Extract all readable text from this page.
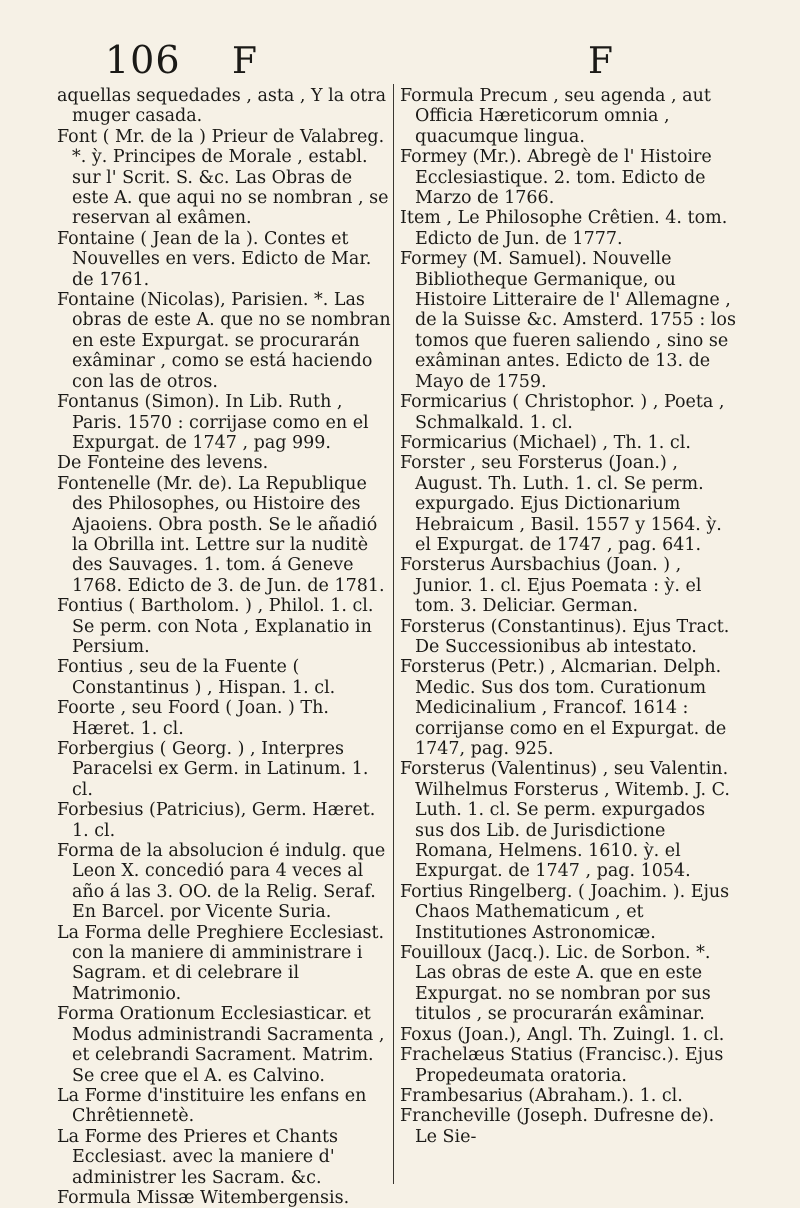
106 F	F

aquellas sequedades , asta , Y la otra muger casada.

Font ( Mr. de la ) Prieur de Valabreg. *. ỳ. Principes de Morale , establ. sur l' Scrit. S. &c. Las Obras de este A. que aqui no se nombran , se reservan al exâmen.

Fontaine ( Jean de la ). Contes et Nouvelles en vers. Edicto de Mar. de 1761.

Fontaine (Nicolas), Parisien. *. Las obras de este A. que no se nombran en este Expurgat. se procurarán exâminar , como se está haciendo con las de otros.

Fontanus (Simon). In Lib. Ruth , Paris. 1570 : corrijase como en el Expurgat. de 1747 , pag 999.

De Fonteine des levens.

Fontenelle (Mr. de). La Republique des Philosophes, ou Histoire des Ajaoiens. Obra posth. Se le añadió la Obrilla int. Lettre sur la nuditè des Sauvages. 1. tom. á Geneve 1768. Edicto de 3. de Jun. de 1781.

Fontius ( Bartholom. ) , Philol. 1. cl. Se perm. con Nota , Explanatio in Persium.

Fontius , seu de la Fuente ( Constantinus ) , Hispan. 1. cl.

Foorte , seu Foord ( Joan. ) Th. Hæret. 1. cl.

Forbergius ( Georg. ) , Interpres Paracelsi ex Germ. in Latinum. 1. cl.

Forbesius (Patricius), Germ. Hæret. 1. cl.

Forma de la absolucion é indulg. que Leon X. concedió para 4 veces al año á las 3. OO. de la Relig. Seraf. En Barcel. por Vicente Suria.

La Forma delle Preghiere Ecclesiast. con la maniere di amministrare i Sagram. et di celebrare il Matrimonio.

Forma Orationum Ecclesiasticar. et Modus administrandi Sacramenta , et celebrandi Sacrament. Matrim. Se cree que el A. es Calvino.

La Forme d'instituire les enfans en Chrêtiennetè.

La Forme des Prieres et Chants Ecclesiast. avec la maniere d' administrer les Sacram. &c.

Formula Missæ Witembergensis.

Formula Precum , seu agenda , aut Officia Hæreticorum omnia , quacumque lingua.

Formey (Mr.). Abregè de l' Histoire Ecclesiastique. 2. tom. Edicto de Marzo de 1766.

Item , Le Philosophe Crêtien. 4. tom. Edicto de Jun. de 1777.

Formey (M. Samuel). Nouvelle Bibliotheque Germanique, ou Histoire Litteraire de l' Allemagne , de la Suisse &c. Amsterd. 1755 : los tomos que fueren saliendo , sino se exâminan antes. Edicto de 13. de Mayo de 1759.

Formicarius ( Christophor. ) , Poeta , Schmalkald. 1. cl.

Formicarius (Michael) , Th. 1. cl.

Forster , seu Forsterus (Joan.) , August. Th. Luth. 1. cl. Se perm. expurgado. Ejus Dictionarium Hebraicum , Basil. 1557 y 1564. ỳ. el Expurgat. de 1747 , pag. 641.

Forsterus Aursbachius (Joan. ) , Junior. 1. cl. Ejus Poemata : ỳ. el tom. 3. Deliciar. German.

Forsterus (Constantinus). Ejus Tract. De Successionibus ab intestato.

Forsterus (Petr.) , Alcmarian. Delph. Medic. Sus dos tom. Curationum Medicinalium , Francof. 1614 : corrijanse como en el Expurgat. de 1747, pag. 925.

Forsterus (Valentinus) , seu Valentin. Wilhelmus Forsterus , Witemb. J. C. Luth. 1. cl. Se perm. expurgados sus dos Lib. de Jurisdictione Romana, Helmens. 1610. ỳ. el Expurgat. de 1747 , pag. 1054.

Fortius Ringelberg. ( Joachim. ). Ejus Chaos Mathematicum , et Institutiones Astronomicæ.

Fouilloux (Jacq.). Lic. de Sorbon. *. Las obras de este A. que en este Expurgat. no se nombran por sus titulos , se procurarán exâminar.

Foxus (Joan.), Angl. Th. Zuingl. 1. cl.

Frachelæus Statius (Francisc.). Ejus Propedeumata oratoria.

Frambesarius (Abraham.). 1. cl.

Francheville (Joseph. Dufresne de). Le Sie-
